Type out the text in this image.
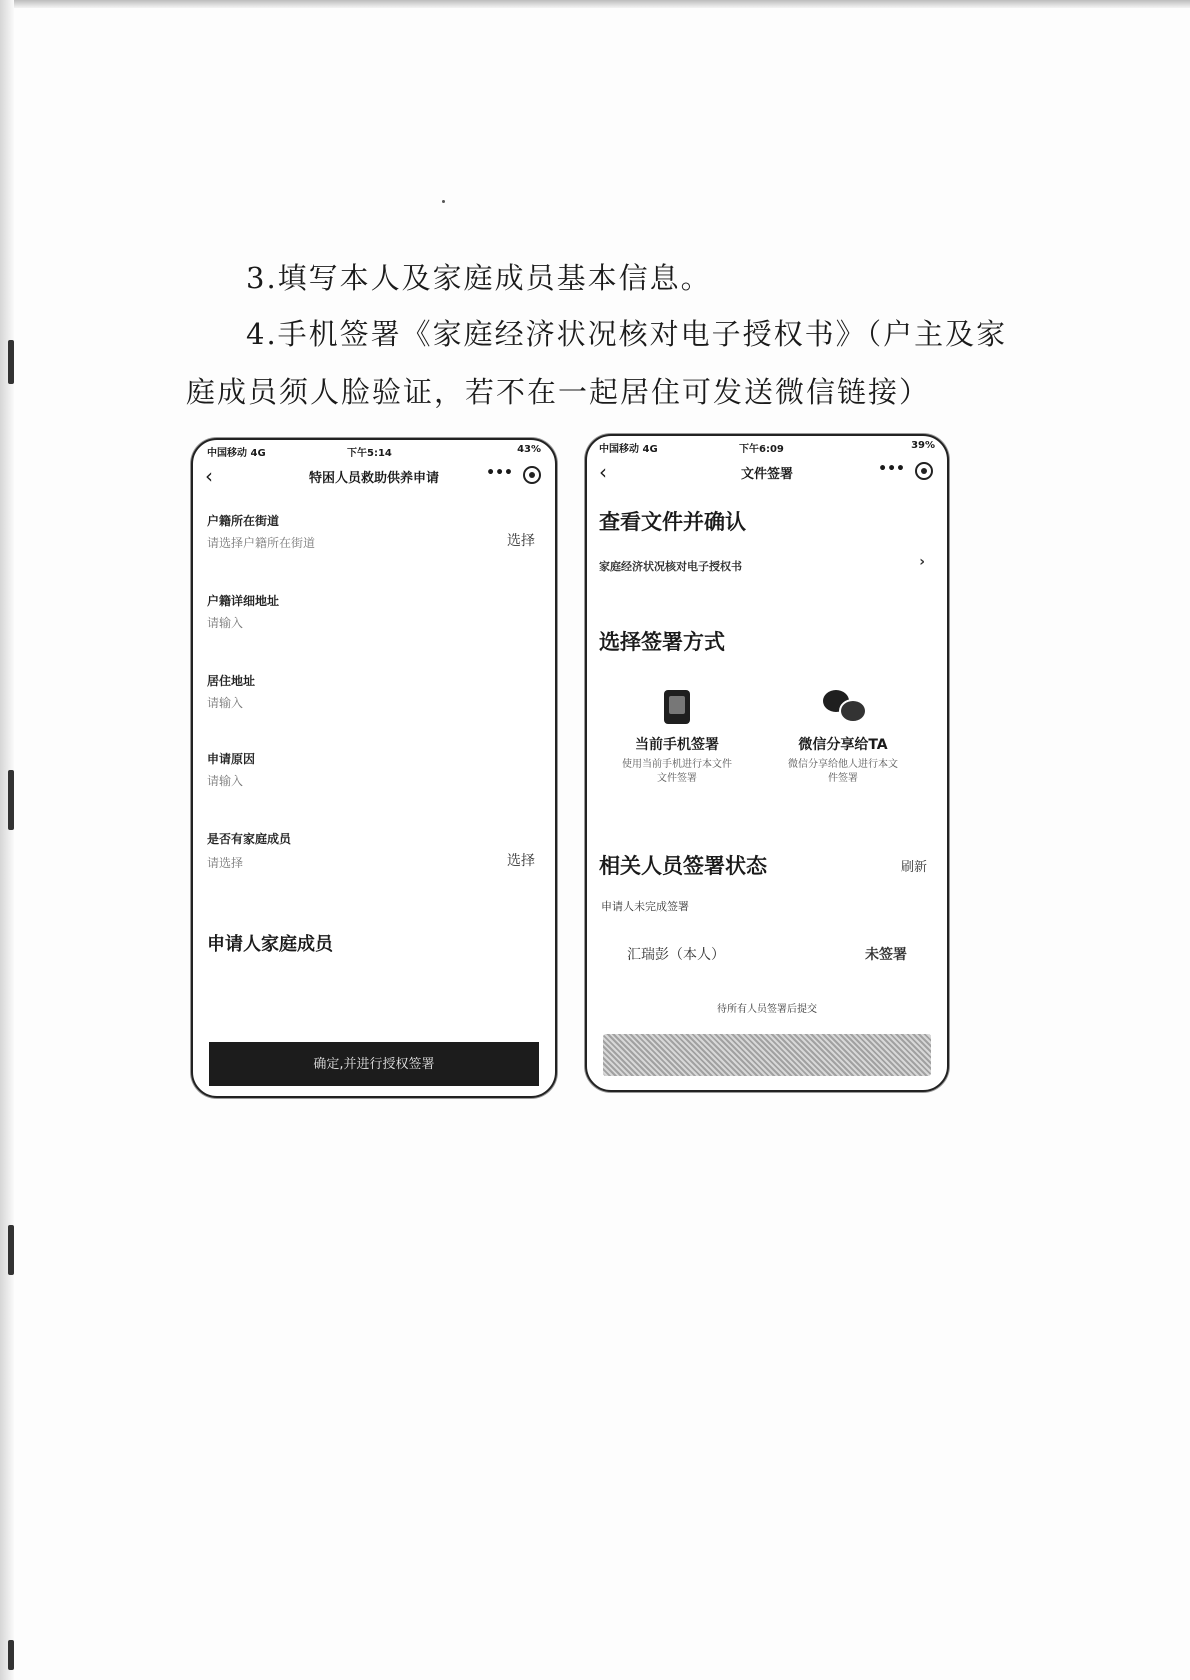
3.填写本人及家庭成员基本信息。
4.手机签署《家庭经济状况核对电子授权书》（户主及家
庭成员须人脸验证，若不在一起居住可发送微信链接）
中国移动 4G	下午5:14	43%
‹	特困人员救助供养申请	•••
户籍所在街道
请选择户籍所在街道	选择
户籍详细地址
请输入
居住地址
请输入
申请原因
请输入
是否有家庭成员
请选择	选择
申请人家庭成员
确定,并进行授权签署
中国移动 4G	下午6:09	39%
‹	文件签署	•••
查看文件并确认
家庭经济状况核对电子授权书	›
选择签署方式
当前手机签署
使用当前手机进行本文件
文件签署
微信分享给TA
微信分享给他人进行本文
件签署
相关人员签署状态	刷新
申请人未完成签署
汇瑞彭（本人）	未签署
待所有人员签署后提交
